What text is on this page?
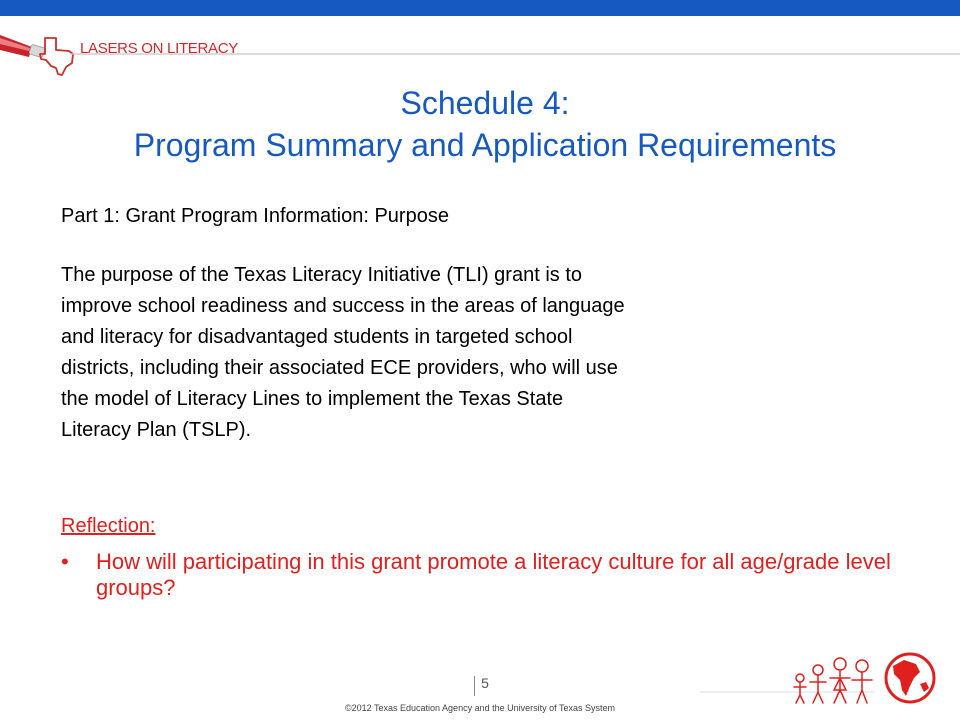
LASERS ON LITERACY
Schedule 4:
Program Summary and Application Requirements
Part 1: Grant Program Information: Purpose
The purpose of the Texas Literacy Initiative (TLI) grant is to
improve school readiness and success in the areas of language
and literacy for disadvantaged students in targeted school
districts, including their associated ECE providers, who will use
the model of Literacy Lines to implement the Texas State
Literacy Plan (TSLP).
Reflection:
• How will participating in this grant promote a literacy culture for all age/grade level groups?
5
©2012 Texas Education Agency and the University of Texas System
